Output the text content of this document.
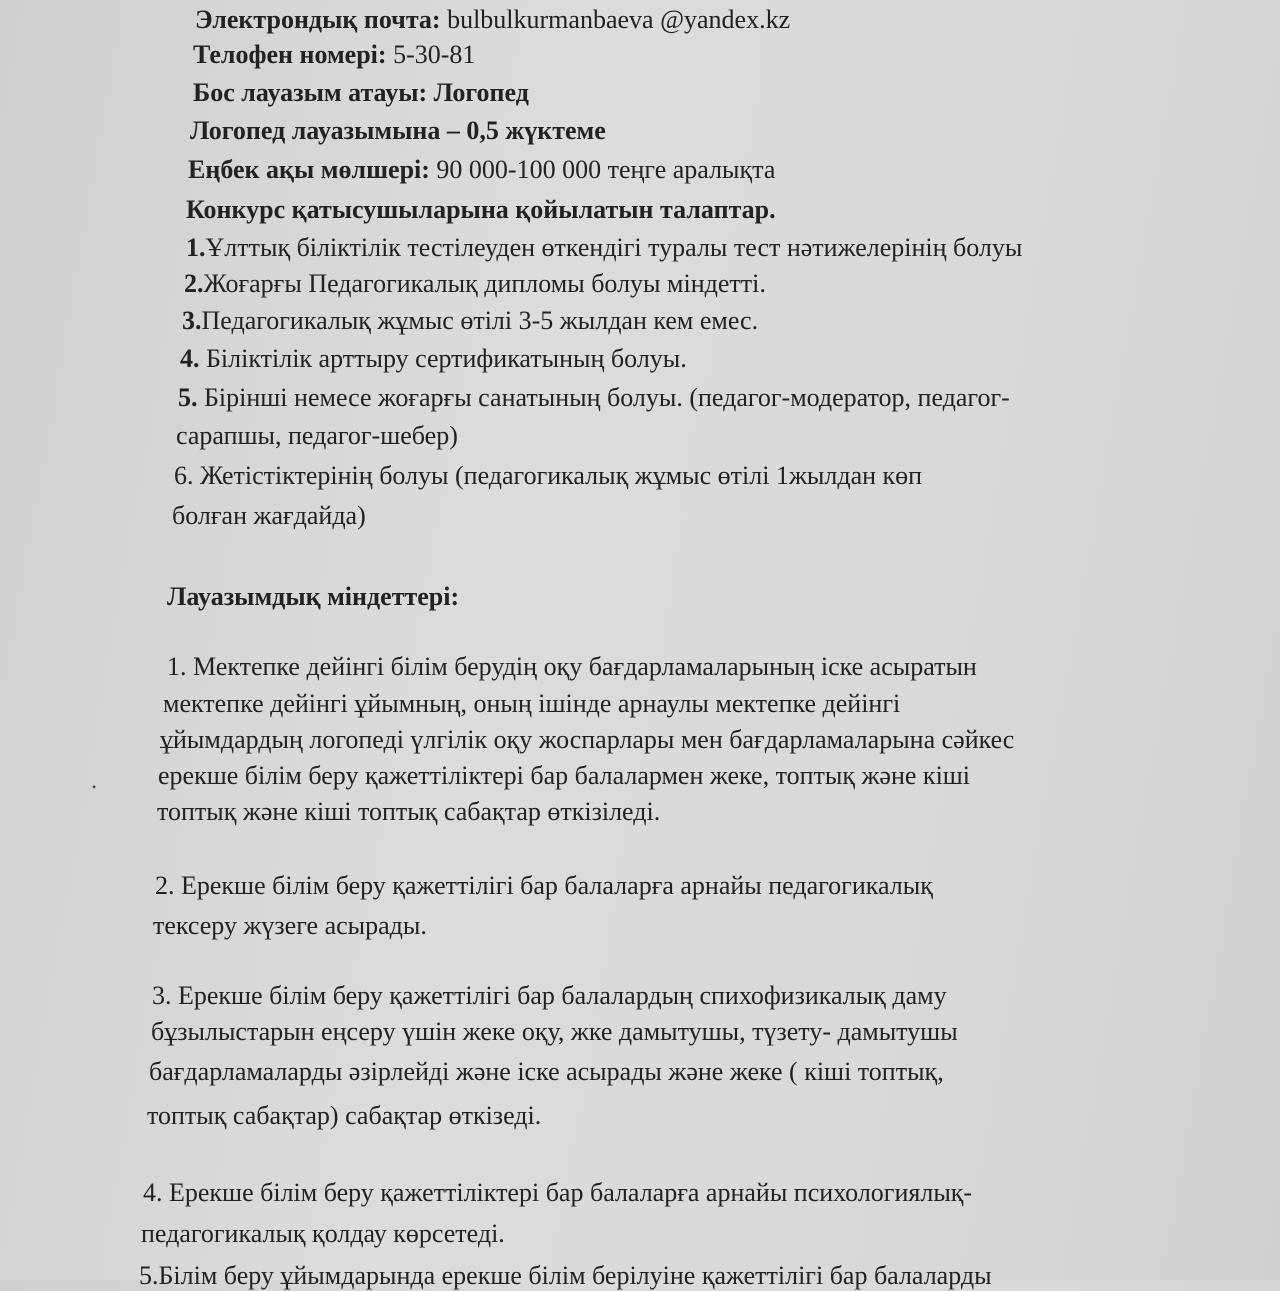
Электрондық почта: bulbulkurmanbaeva @yandex.kz
Телофен номері: 5-30-81
Бос лауазым атауы: Логопед
Логопед лауазымына – 0,5 жүктеме
Еңбек ақы мөлшері: 90 000-100 000 теңге аралықта
Конкурс қатысушыларына қойылатын талаптар.
1.Ұлттық біліктілік тестілеуден өткендігі туралы тест нәтижелерінің болуы
2.Жоғарғы Педагогикалық дипломы болуы міндетті.
3.Педагогикалық жұмыс өтілі 3-5 жылдан кем емес.
4. Біліктілік арттыру сертификатының болуы.
5. Бірінші немесе жоғарғы санатының болуы. (педагог-модератор, педагог-
сарапшы, педагог-шебер)
6. Жетістіктерінің болуы (педагогикалық жұмыс өтілі 1жылдан көп
болған жағдайда)
Лауазымдық міндеттері:
1. Мектепке дейінгі білім берудің оқу бағдарламаларының іске асыратын
мектепке дейінгі ұйымның, оның ішінде арнаулы мектепке дейінгі
ұйымдардың логопеді үлгілік оқу жоспарлары мен бағдарламаларына сәйкес
ерекше білім беру қажеттіліктері бар балалармен жеке, топтық және кіші
топтық және кіші топтық сабақтар өткізіледі.
2. Ерекше білім беру қажеттілігі бар балаларға арнайы педагогикалық
тексеру жүзеге асырады.
3. Ерекше білім беру қажеттілігі бар балалардың спихофизикалық даму
бұзылыстарын еңсеру үшін жеке оқу, жке дамытушы, түзету- дамытушы
бағдарламаларды әзірлейді және іске асырады және жеке ( кіші топтық,
топтық сабақтар) сабақтар өткізеді.
4. Ерекше білім беру қажеттіліктері бар балаларға арнайы психологиялық-
педагогикалық қолдау көрсетеді.
5.Білім беру ұйымдарында ерекше білім берілуіне қажеттілігі бар балаларды
•
